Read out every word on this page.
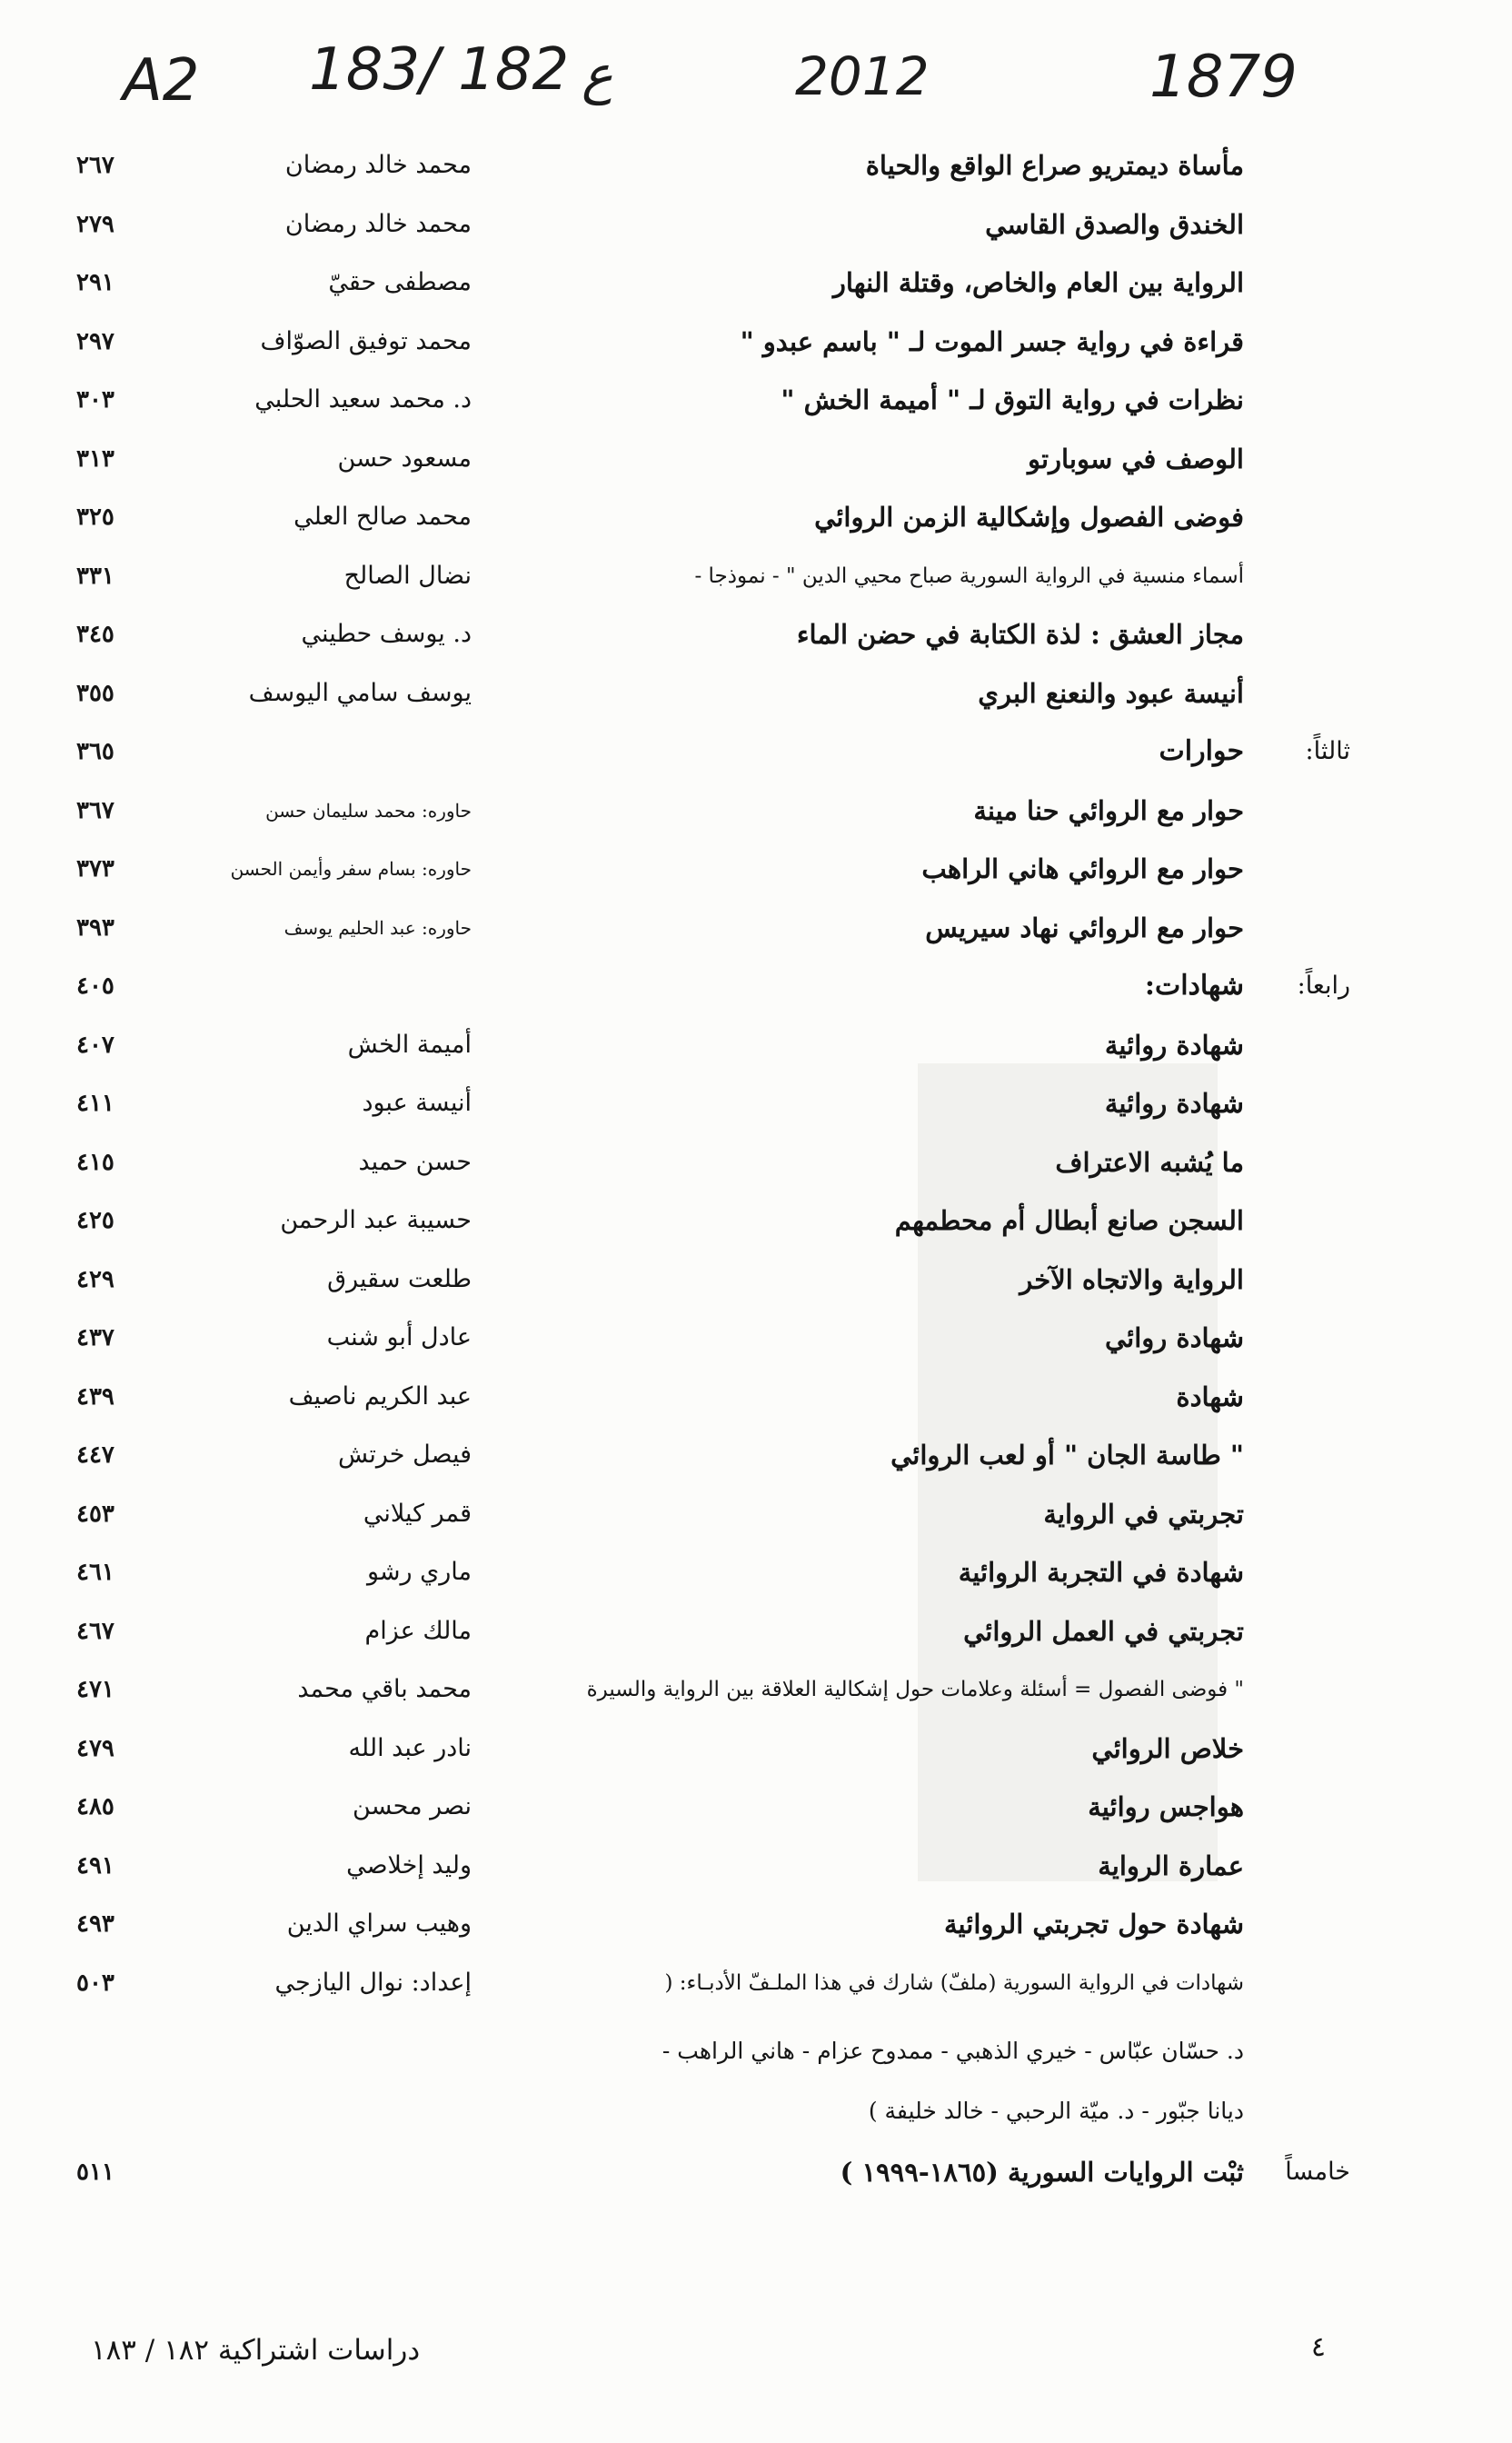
A2 183/ 182 ع	2012	1879
مأساة ديمتريو صراع الواقع والحياة
محمد خالد رمضان
٢٦٧
الخندق والصدق القاسي
محمد خالد رمضان
٢٧٩
الرواية بين العام والخاص، وقتلة النهار
مصطفى حقيّ
٢٩١
قراءة في رواية جسر الموت لـ " باسم عبدو "
محمد توفيق الصوّاف
٢٩٧
نظرات في رواية التوق لـ " أميمة الخش "
د. محمد سعيد الحلبي
٣٠٣
الوصف في سوبارتو
مسعود حسن
٣١٣
فوضى الفصول وإشكالية الزمن الروائي
محمد صالح العلي
٣٢٥
أسماء منسية في الرواية السورية صباح محيي الدين " - نموذجا -
نضال الصالح
٣٣١
مجاز العشق : لذة الكتابة في حضن الماء
د. يوسف حطيني
٣٤٥
أنيسة عبود والنعنع البري
يوسف سامي اليوسف
٣٥٥
ثالثاً:
حوارات
٣٦٥
حوار مع الروائي حنا مينة
حاوره: محمد سليمان حسن
٣٦٧
حوار مع الروائي هاني الراهب
حاوره: بسام سفر وأيمن الحسن
٣٧٣
حوار مع الروائي نهاد سيريس
حاوره: عبد الحليم يوسف
٣٩٣
رابعاً:
شهادات:
٤٠٥
شهادة روائية
أميمة الخش
٤٠٧
شهادة روائية
أنيسة عبود
٤١١
ما يُشبه الاعتراف
حسن حميد
٤١٥
السجن صانع أبطال أم محطمهم
حسيبة عبد الرحمن
٤٢٥
الرواية والاتجاه الآخر
طلعت سقيرق
٤٢٩
شهادة روائي
عادل أبو شنب
٤٣٧
شهادة
عبد الكريم ناصيف
٤٣٩
" طاسة الجان " أو لعب الروائي
فيصل خرتش
٤٤٧
تجربتي في الرواية
قمر كيلاني
٤٥٣
شهادة في التجربة الروائية
ماري رشو
٤٦١
تجربتي في العمل الروائي
مالك عزام
٤٦٧
" فوضى الفصول = أسئلة وعلامات حول إشكالية العلاقة بين الرواية والسيرة
محمد باقي محمد
٤٧١
خلاص الروائي
نادر عبد الله
٤٧٩
هواجس روائية
نصر محسن
٤٨٥
عمارة الرواية
وليد إخلاصي
٤٩١
شهادة حول تجربتي الروائية
وهيب سراي الدين
٤٩٣
شهادات في الرواية السورية (ملفّ) شارك في هذا الملـفّ الأدبـاء: (
إعداد: نوال اليازجي
٥٠٣
د. حسّان عبّاس - خيري الذهبي - ممدوح عزام - هاني الراهب -
ديانا جبّور - د. ميّة الرحبي - خالد خليفة )
خامساً
ثبْت الروايات السورية (١٨٦٥-١٩٩٩ )
٥١١
٤
دراسات اشتراكية ١٨٢ / ١٨٣
